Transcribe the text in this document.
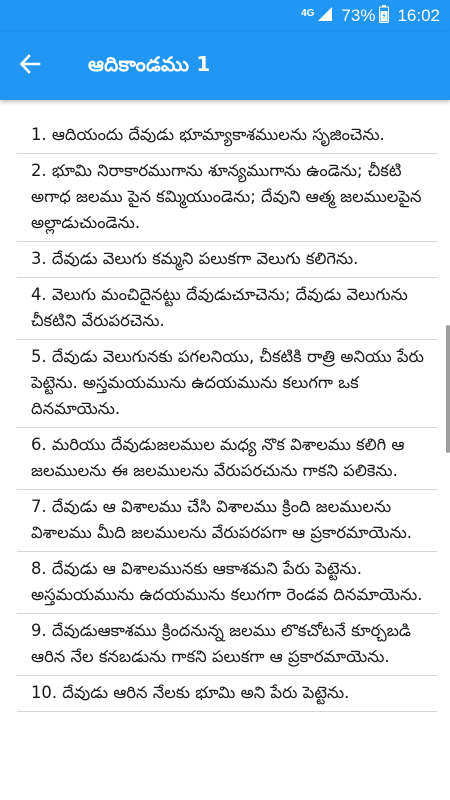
4G 73% 16:02
ఆదికాండము 1
1. ఆదియందు దేవుడు భూమ్యాకాశములను సృజించెను.
2. భూమి నిరాకారముగాను శూన్యముగాను ఉండెను; చీకటి అగాధ జలము పైన కమ్మియుండెను; దేవుని ఆత్మ జలములపైన అల్లాడుచుండెను.
3. దేవుడు వెలుగు కమ్మని పలుకగా వెలుగు కలిగెను.
4. వెలుగు మంచిదైనట్టు దేవుడుచూచెను; దేవుడు వెలుగును చీకటిని వేరుపరచెను.
5. దేవుడు వెలుగునకు పగలనియు, చీకటికి రాత్రి అనియు పేరు పెట్టెను. అస్తమయమును ఉదయమును కలుగగా ఒక దినమాయెను.
6. మరియు దేవుడుజలముల మధ్య నొక విశాలము కలిగి ఆ జలములను ఈ జలములను వేరుపరచును గాకని పలికెను.
7. దేవుడు ఆ విశాలము చేసి విశాలము క్రింది జలములను విశాలము మీది జలములను వేరుపరపగా ఆ ప్రకారమాయెను.
8. దేవుడు ఆ విశాలమునకు ఆకాశమని పేరు పెట్టెను. అస్తమయమును ఉదయమును కలుగగా రెండవ దినమాయెను.
9. దేవుడుఆకాశము క్రిందనున్న జలము లొకచోటనే కూర్చబడి ఆరిన నేల కనబడును గాకని పలుకగా ఆ ప్రకారమాయెను.
10. దేవుడు ఆరిన నేలకు భూమి అని పేరు పెట్టెను.
